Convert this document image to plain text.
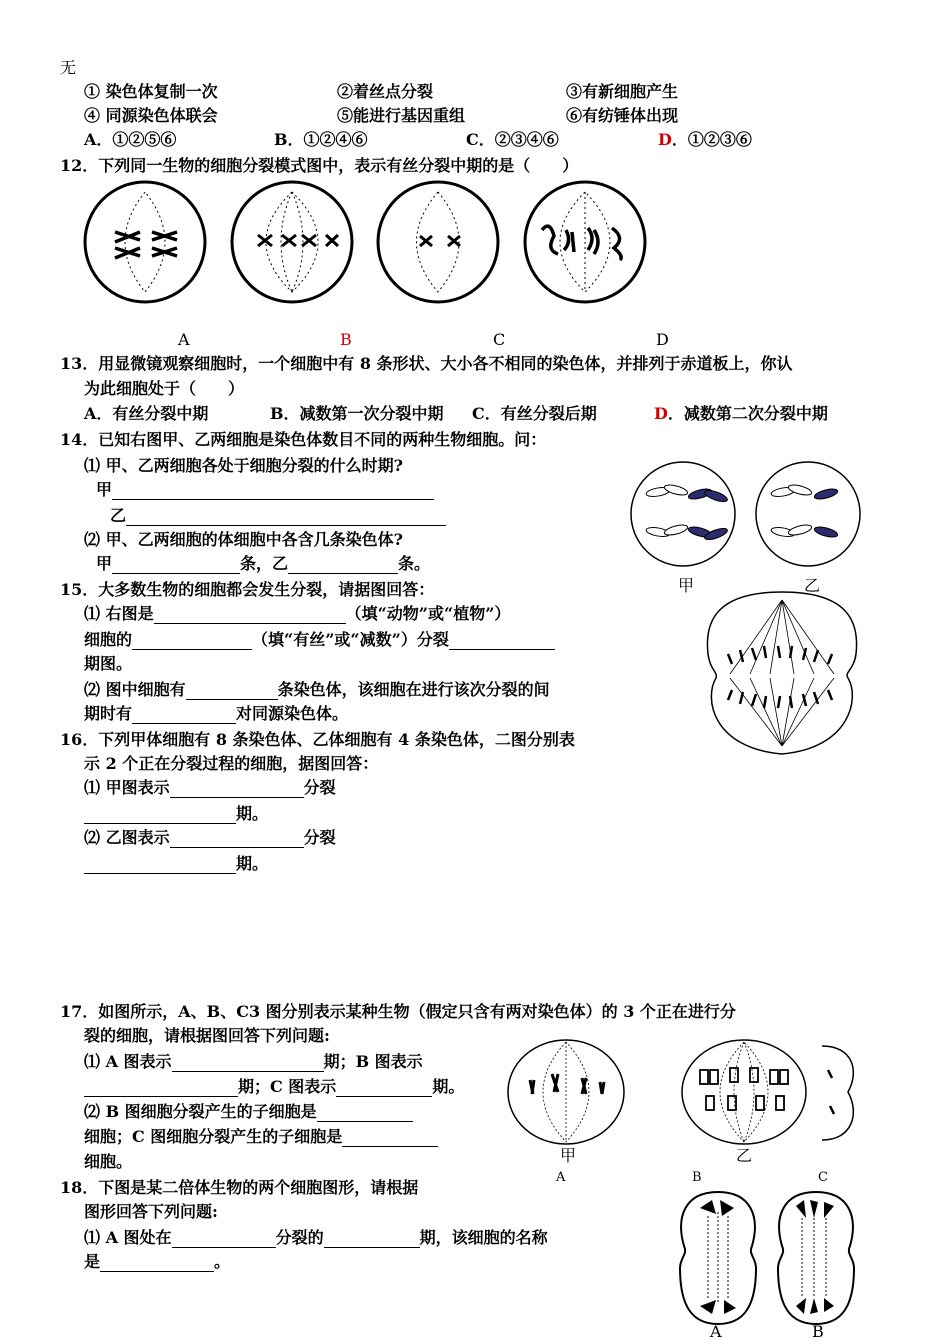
无
① 染色体复制一次	②着丝点分裂	③有新细胞产生
④ 同源染色体联会	⑤能进行基因重组	⑥有纺锤体出现
A．①②⑤⑥	B．①②④⑥	C．②③④⑥	D．①②③⑥
12．下列同一生物的细胞分裂模式图中，表示有丝分裂中期的是（　　）
A	B	C	D
13．用显微镜观察细胞时，一个细胞中有 8 条形状、大小各不相同的染色体，并排列于赤道板上，你认
为此细胞处于（　　）
A．有丝分裂中期	B．减数第一次分裂中期 C．有丝分裂后期	D．减数第二次分裂中期
14．已知右图甲、乙两细胞是染色体数目不同的两种生物细胞。问：
⑴ 甲、乙两细胞各处于细胞分裂的什么时期?
甲
乙
⑵ 甲、乙两细胞的体细胞中各含几条染色体?
甲	条，乙	条。
甲	乙
15．大多数生物的细胞都会发生分裂，请据图回答：
⑴ 右图是	（填“动物”或“植物”）
细胞的	（填“有丝”或“减数”）分裂
期图。
⑵ 图中细胞有	条染色体，该细胞在进行该次分裂的间
期时有	对同源染色体。
16．下列甲体细胞有 8 条染色体、乙体细胞有 4 条染色体，二图分别表
示 2 个正在分裂过程的细胞，据图回答：
⑴ 甲图表示	分裂
期。
⑵ 乙图表示	分裂
期。
17．如图所示，A、B、C3 图分别表示某种生物（假定只含有两对染色体）的 3 个正在进行分
裂的细胞，请根据图回答下列问题:
⑴ A 图表示	期；B 图表示
期；C 图表示	期。
⑵ B 图细胞分裂产生的子细胞是
细胞；C 图细胞分裂产生的子细胞是
细胞。	甲	乙
A	B	C
18．下图是某二倍体生物的两个细胞图形，请根据
图形回答下列问题:
⑴ A 图处在	分裂的	期，该细胞的名称
是	。
A	B
